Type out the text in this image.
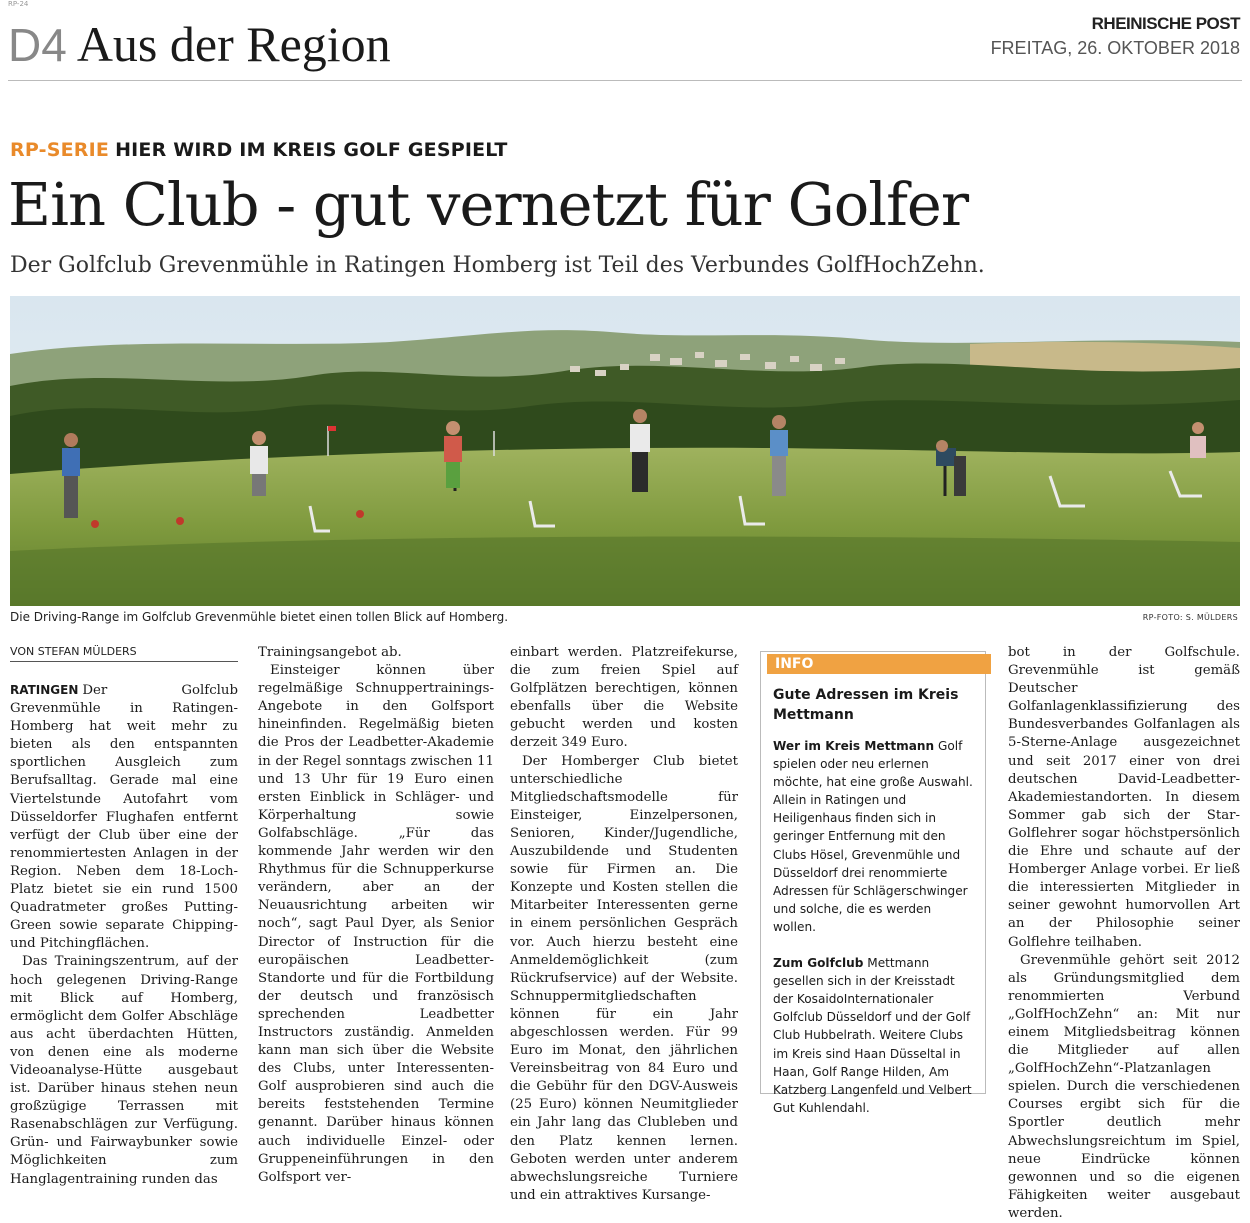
RP-24
D4 Aus der Region	RHEINISCHE POST
FREITAG, 26. OKTOBER 2018
RP-SERIE HIER WIRD IM KREIS GOLF GESPIELT
Ein Club - gut vernetzt für Golfer
Der Golfclub Grevenmühle in Ratingen Homberg ist Teil des Verbundes GolfHochZehn.
Die Driving-Range im Golfclub Grevenmühle bietet einen tollen Blick auf Homberg.	RP-FOTO: S. MÜLDERS
VON STEFAN MÜLDERS

RATINGEN Der Golfclub Grevenmühle in Ratingen-Homberg hat weit mehr zu bieten als den entspannten sportlichen Ausgleich zum Berufsalltag. Gerade mal eine Viertelstunde Autofahrt vom Düsseldorfer Flughafen entfernt verfügt der Club über eine der renommiertesten Anlagen in der Region. Neben dem 18-Loch-Platz bietet sie ein rund 1500 Quadratmeter großes Putting-Green sowie separate Chipping- und Pitchingflächen.

Das Trainingszentrum, auf der hoch gelegenen Driving-Range mit Blick auf Homberg, ermöglicht dem Golfer Abschläge aus acht überdachten Hütten, von denen eine als moderne Videoanalyse-Hütte ausgebaut ist. Darüber hinaus stehen neun großzügige Terrassen mit Rasenabschlägen zur Verfügung. Grün- und Fairwaybunker sowie Möglichkeiten zum Hanglagentraining runden das

Trainingsangebot ab.

Einsteiger können über regelmäßige Schnuppertrainings-Angebote in den Golfsport hineinfinden. Regelmäßig bieten die Pros der Leadbetter-Akademie in der Regel sonntags zwischen 11 und 13 Uhr für 19 Euro einen ersten Einblick in Schläger- und Körperhaltung sowie Golfabschläge. „Für das kommende Jahr werden wir den Rhythmus für die Schnupperkurse verändern, aber an der Neuausrichtung arbeiten wir noch“, sagt Paul Dyer, als Senior Director of Instruction für die europäischen Leadbetter-Standorte und für die Fortbildung der deutsch und französisch sprechenden Leadbetter Instructors zuständig. Anmelden kann man sich über die Website des Clubs, unter Interessenten-Golf ausprobieren sind auch die bereits feststehenden Termine genannt. Darüber hinaus können auch individuelle Einzel- oder Gruppeneinführungen in den Golfsport ver-

einbart werden. Platzreifekurse, die zum freien Spiel auf Golfplätzen berechtigen, können ebenfalls über die Website gebucht werden und kosten derzeit 349 Euro.

Der Homberger Club bietet unterschiedliche Mitgliedschaftsmodelle für Einsteiger, Einzelpersonen, Senioren, Kinder/Jugendliche, Auszubildende und Studenten sowie für Firmen an. Die Konzepte und Kosten stellen die Mitarbeiter Interessenten gerne in einem persönlichen Gespräch vor. Auch hierzu besteht eine Anmeldemöglichkeit (zum Rückrufservice) auf der Website. Schnuppermitgliedschaften können für ein Jahr abgeschlossen werden. Für 99 Euro im Monat, den jährlichen Vereinsbeitrag von 84 Euro und die Gebühr für den DGV-Ausweis (25 Euro) können Neumitglieder ein Jahr lang das Clubleben und den Platz kennen lernen. Geboten werden unter anderem abwechslungsreiche Turniere und ein attraktives Kursange-

INFO
Gute Adressen im Kreis Mettmann

Wer im Kreis Mettmann Golf spielen oder neu erlernen möchte, hat eine große Auswahl. Allein in Ratingen und Heiligenhaus finden sich in geringer Entfernung mit den Clubs Hösel, Grevenmühle und Düsseldorf drei renommierte Adressen für Schlägerschwinger und solche, die es werden wollen.

Zum Golfclub Mettmann gesellen sich in der Kreisstadt der KosaidoInternationaler Golfclub Düsseldorf und der Golf Club Hubbelrath. Weitere Clubs im Kreis sind Haan Düsseltal in Haan, Golf Range Hilden, Am Katzberg Langenfeld und Velbert Gut Kuhlendahl.

bot in der Golfschule. Grevenmühle ist gemäß Deutscher Golfanlagenklassifizierung des Bundesverbandes Golfanlagen als 5-Sterne-Anlage ausgezeichnet und seit 2017 einer von drei deutschen David-Leadbetter-Akademiestandorten. In diesem Sommer gab sich der Star-Golflehrer sogar höchstpersönlich die Ehre und schaute auf der Homberger Anlage vorbei. Er ließ die interessierten Mitglieder in seiner gewohnt humorvollen Art an der Philosophie seiner Golflehre teilhaben.

Grevenmühle gehört seit 2012 als Gründungsmitglied dem renommierten Verbund „GolfHochZehn“ an: Mit nur einem Mitgliedsbeitrag können die Mitglieder auf allen „GolfHochZehn“-Platzanlagen spielen. Durch die verschiedenen Courses ergibt sich für die Sportler deutlich mehr Abwechslungsreichtum im Spiel, neue Eindrücke können gewonnen und so die eigenen Fähigkeiten weiter ausgebaut werden.
